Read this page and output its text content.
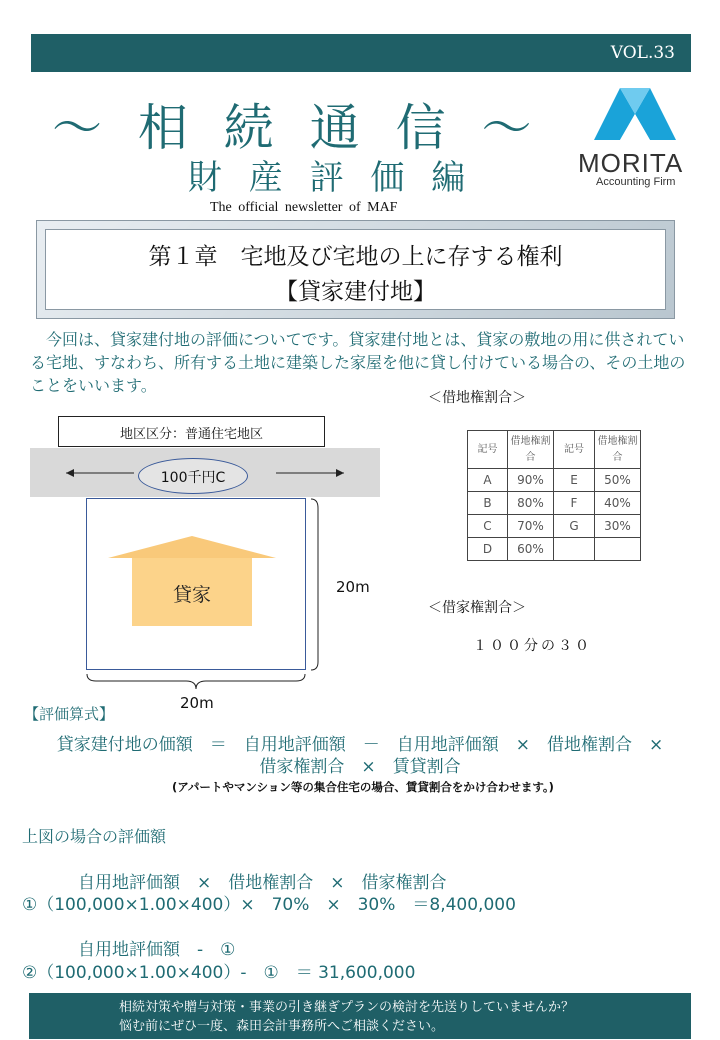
VOL.33
〜 相 続 通 信 〜
財 産 評 価 編
The official newsletter of MAF
MORITA
Accounting Firm
第１章　宅地及び宅地の上に存する権利
【貸家建付地】

今回は、貸家建付地の評価についてです。貸家建付地とは、貸家の敷地の用に供されている宅地、すなわち、所有する土地に建築した家屋を他に貸し付けている場合の、その土地のことをいいます。

地区区分：普通住宅地区
100千円C
貸家	20m
20m
＜借地権割合＞
記号	借地権割合	記号	借地権割合
A	90%	E	50%
B	80%	F	40%
C	70%	G	30%
D	60%		
＜借家権割合＞
１００分の３０
【評価算式】
貸家建付地の価額　＝　自用地評価額　－　自用地評価額　×　借地権割合　×
借家権割合　×　賃貸割合
(アパートやマンション等の集合住宅の場合、賃貸割合をかけ合わせます。)
上図の場合の評価額
自用地評価額　×　借地権割合　×　借家権割合
①（100,000×1.00×400）×　70%　×　30%　＝8,400,000
自用地評価額　-　①
②（100,000×1.00×400）-　①　＝ 31,600,000
相続対策や贈与対策・事業の引き継ぎプランの検討を先送りしていませんか？
悩む前にぜひ一度、森田会計事務所へご相談ください。
